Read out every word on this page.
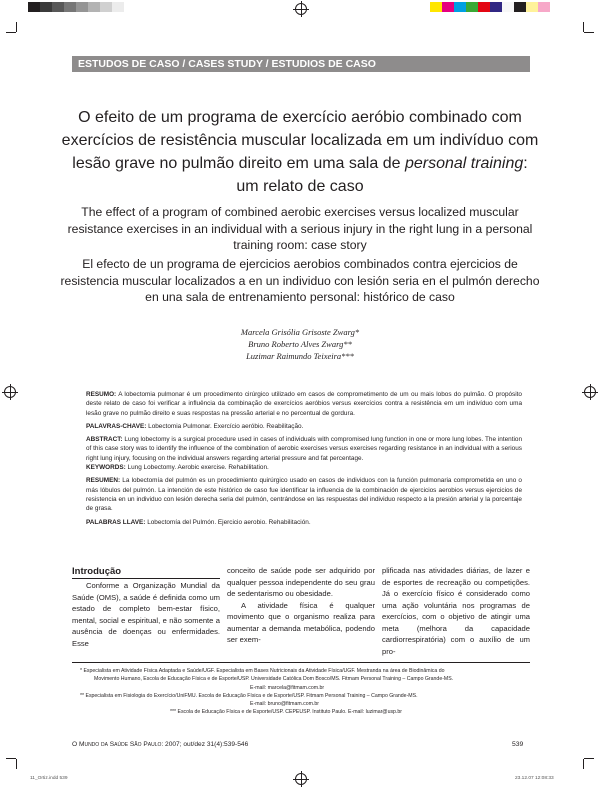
ESTUDOS DE CASO / CASES STUDY / ESTUDIOS DE CASO
O efeito de um programa de exercício aeróbio combinado com exercícios de resistência muscular localizada em um indivíduo com lesão grave no pulmão direito em uma sala de personal training: um relato de caso
The effect of a program of combined aerobic exercises versus localized muscular resistance exercises in an individual with a serious injury in the right lung in a personal training room: case story
El efecto de un programa de ejercicios aerobios combinados contra ejercicios de resistencia muscular localizados a en un individuo con lesión seria en el pulmón derecho en una sala de entrenamiento personal: histórico de caso
Marcela Grisólia Grisoste Zwarg*
Bruno Roberto Alves Zwarg**
Luzimar Raimundo Teixeira***

RESUMO: A lobectomia pulmonar é um procedimento cirúrgico utilizado em casos de comprometimento de um ou mais lobos do pulmão. O propósito deste relato de caso foi verificar a influência da combinação de exercícios aeróbios versus exercícios contra a resistência em um indivíduo com uma lesão grave no pulmão direito e suas respostas na pressão arterial e no percentual de gordura.

PALAVRAS-CHAVE: Lobectomia Pulmonar. Exercício aeróbio. Reabilitação.

ABSTRACT: Lung lobectomy is a surgical procedure used in cases of individuals with compromised lung function in one or more lung lobes. The intention of this case story was to identify the influence of the combination of aerobic exercises versus exercises regarding resistance in an individual with a serious right lung injury, focusing on the individual answers regarding arterial pressure and fat percentage.

KEYWORDS: Lung Lobectomy. Aerobic exercise. Rehabilitation.

RESUMEN: La lobectomía del pulmón es un procedimiento quirúrgico usado en casos de individuos con la función pulmonaria comprometida en uno o más lóbulos del pulmón. La intención de este histórico de caso fue identificar la influencia de la combinación de ejercicios aerobios versus ejercicios de resistencia en un individuo con lesión derecha seria del pulmón, centrándose en las respuestas del individuo respecto a la presión arterial y la porcentaje de grasa.

PALABRAS LLAVE: Lobectomía del Pulmón. Ejercicio aerobio. Rehabilitación.

Introdução

Conforme a Organização Mundial da Saúde (OMS), a saúde é definida como um estado de completo bem-estar físico, mental, social e espiritual, e não somente a ausência de doenças ou enfermidades. Esse

conceito de saúde pode ser adquirido por qualquer pessoa independente do seu grau de sedentarismo ou obesidade.

A atividade física é qualquer movimento que o organismo realiza para aumentar a demanda metabólica, podendo ser exem-

plificada nas atividades diárias, de lazer e de esportes de recreação ou competições. Já o exercício físico é considerado como uma ação voluntária nos programas de exercícios, com o objetivo de atingir uma meta (melhora da capacidade cardiorrespiratória) com o auxílio de um pro-

* Especialista em Atividade Física Adaptada e Saúde/UGF. Especialista em Bases Nutricionais da Atividade Física/UGF. Mestranda na área de Biodinâmica do
Movimento Humano, Escola de Educação Física e de Esporte/USP. Universidade Católica Dom Bosco/MS. Fitmam Personal Training – Campo Grande-MS.
E-mail: marcela@fitmam.com.br
** Especialista em Fisiologia do Exercício/UniFMU. Escola de Educação Física e de Esporte/USP. Fitmam Personal Training – Campo Grande-MS.
E-mail: bruno@fitmam.com.br
*** Escola de Educação Física e de Esporte/USP. CEPEUSP. Instituto Paulo. E-mail: luzimar@usp.br
O Mundo da Saúde São Paulo: 2007; out/dez 31(4):539-546	539
11_Ortiz.indd 539	23.12.07 12:08:33
